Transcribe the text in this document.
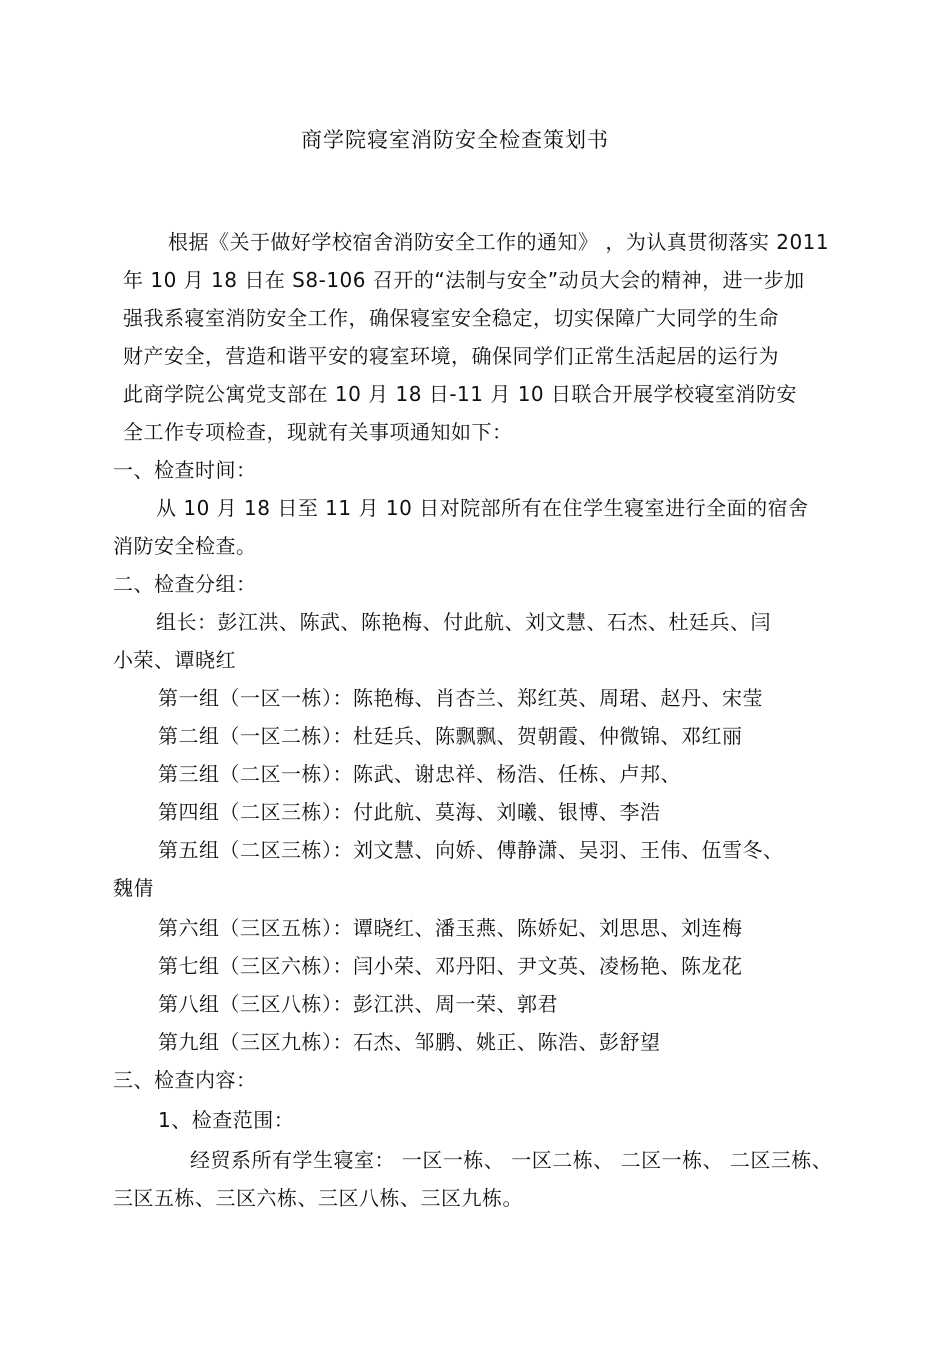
商学院寝室消防安全检查策划书
根据《关于做好学校宿舍消防安全工作的通知》 ，为认真贯彻落实 2011
年 10 月 18 日在 S8-106 召开的“法制与安全”动员大会的精神，进一步加
强我系寝室消防安全工作，确保寝室安全稳定，切实保障广大同学的生命
财产安全，营造和谐平安的寝室环境，确保同学们正常生活起居的运行为
此商学院公寓党支部在 10 月 18 日-11 月 10 日联合开展学校寝室消防安
全工作专项检查，现就有关事项通知如下：
一、检查时间：
从 10 月 18 日至 11 月 10 日对院部所有在住学生寝室进行全面的宿舍
消防安全检查。
二、检查分组：
组长：彭江洪、陈武、陈艳梅、付此航、刘文慧、石杰、杜廷兵、闫
小荣、谭晓红
第一组（一区一栋）：陈艳梅、肖杏兰、郑红英、周珺、赵丹、宋莹
第二组（一区二栋）：杜廷兵、陈飘飘、贺朝霞、仲微锦、邓红丽
第三组（二区一栋）：陈武、谢忠祥、杨浩、任栋、卢邦、
第四组（二区三栋）：付此航、莫海、刘曦、银博、李浩
第五组（二区三栋）：刘文慧、向娇、傅静潇、吴羽、王伟、伍雪冬、
魏倩
第六组（三区五栋）：谭晓红、潘玉燕、陈娇妃、刘思思、刘连梅
第七组（三区六栋）：闫小荣、邓丹阳、尹文英、凌杨艳、陈龙花
第八组（三区八栋）：彭江洪、周一荣、郭君
第九组（三区九栋）：石杰、邹鹏、姚正、陈浩、彭舒望
三、检查内容：
1、检查范围：
经贸系所有学生寝室： 一区一栋、 一区二栋、 二区一栋、 二区三栋、
三区五栋、三区六栋、三区八栋、三区九栋。
